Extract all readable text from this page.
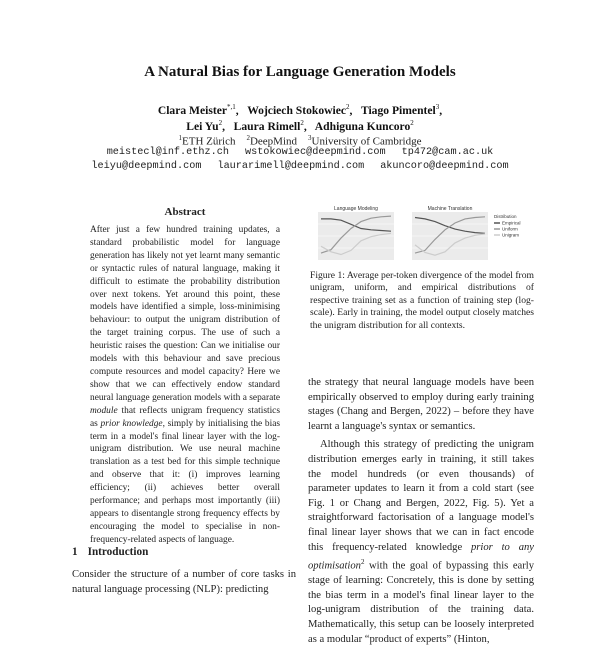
A Natural Bias for Language Generation Models
Clara Meister$^{*,1}$,   Wojciech Stokowiec$^2$,   Tiago Pimentel$^3$,
Lei Yu$^2$,   Laura Rimell$^2$,   Adhiguna Kuncoro$^2$
$^1$ETH Zürich $^2$DeepMind $^3$University of Cambridge
meistecl@inf.ethz.ch wstokowiec@deepmind.com tp472@cam.ac.uk
leiyu@deepmind.com laurarimell@deepmind.com akuncoro@deepmind.com
Abstract
After just a few hundred training updates, a standard probabilistic model for language generation has likely not yet learnt many semantic or syntactic rules of natural language, making it difficult to estimate the probability distribution over next tokens. Yet around this point, these models have identified a simple, loss-minimising behaviour: to output the unigram distribution of the target training corpus. The use of such a heuristic raises the question: Can we initialise our models with this behaviour and save precious compute resources and model capacity? Here we show that we can effectively endow standard neural language generation models with a separate module that reflects unigram frequency statistics as prior knowledge, simply by initialising the bias term in a model's final linear layer with the log-unigram distribution. We use neural machine translation as a test bed for this simple technique and observe that it: (i) improves learning efficiency; (ii) achieves better overall performance; and perhaps most importantly (iii) appears to disentangle strong frequency effects by encouraging the model to specialise in non-frequency-related aspects of language.
1 Introduction
Consider the structure of a number of core tasks in natural language processing (NLP): predicting
Language Modeling	Machine Translation
Distribution
Empirical
Uniform
Unigram
Figure 1: Average per-token divergence of the model from unigram, uniform, and empirical distributions of respective training set as a function of training step (log-scale). Early in training, the model output closely matches the unigram distribution for all contexts.

the strategy that neural language models have been empirically observed to employ during early training stages (Chang and Bergen, 2022) – before they have learnt a language's syntax or semantics.

Although this strategy of predicting the unigram distribution emerges early in training, it still takes the model hundreds (or even thousands) of parameter updates to learn it from a cold start (see Fig. 1 or Chang and Bergen, 2022, Fig. 5). Yet a straightforward factorisation of a language model's final linear layer shows that we can in fact encode this frequency-related knowledge prior to any optimisation$^2$ with the goal of bypassing this early stage of learning: Concretely, this is done by setting the bias term in a model's final linear layer to the log-unigram distribution of the training data. Mathematically, this setup can be loosely interpreted as a modular “product of experts” (Hinton,
